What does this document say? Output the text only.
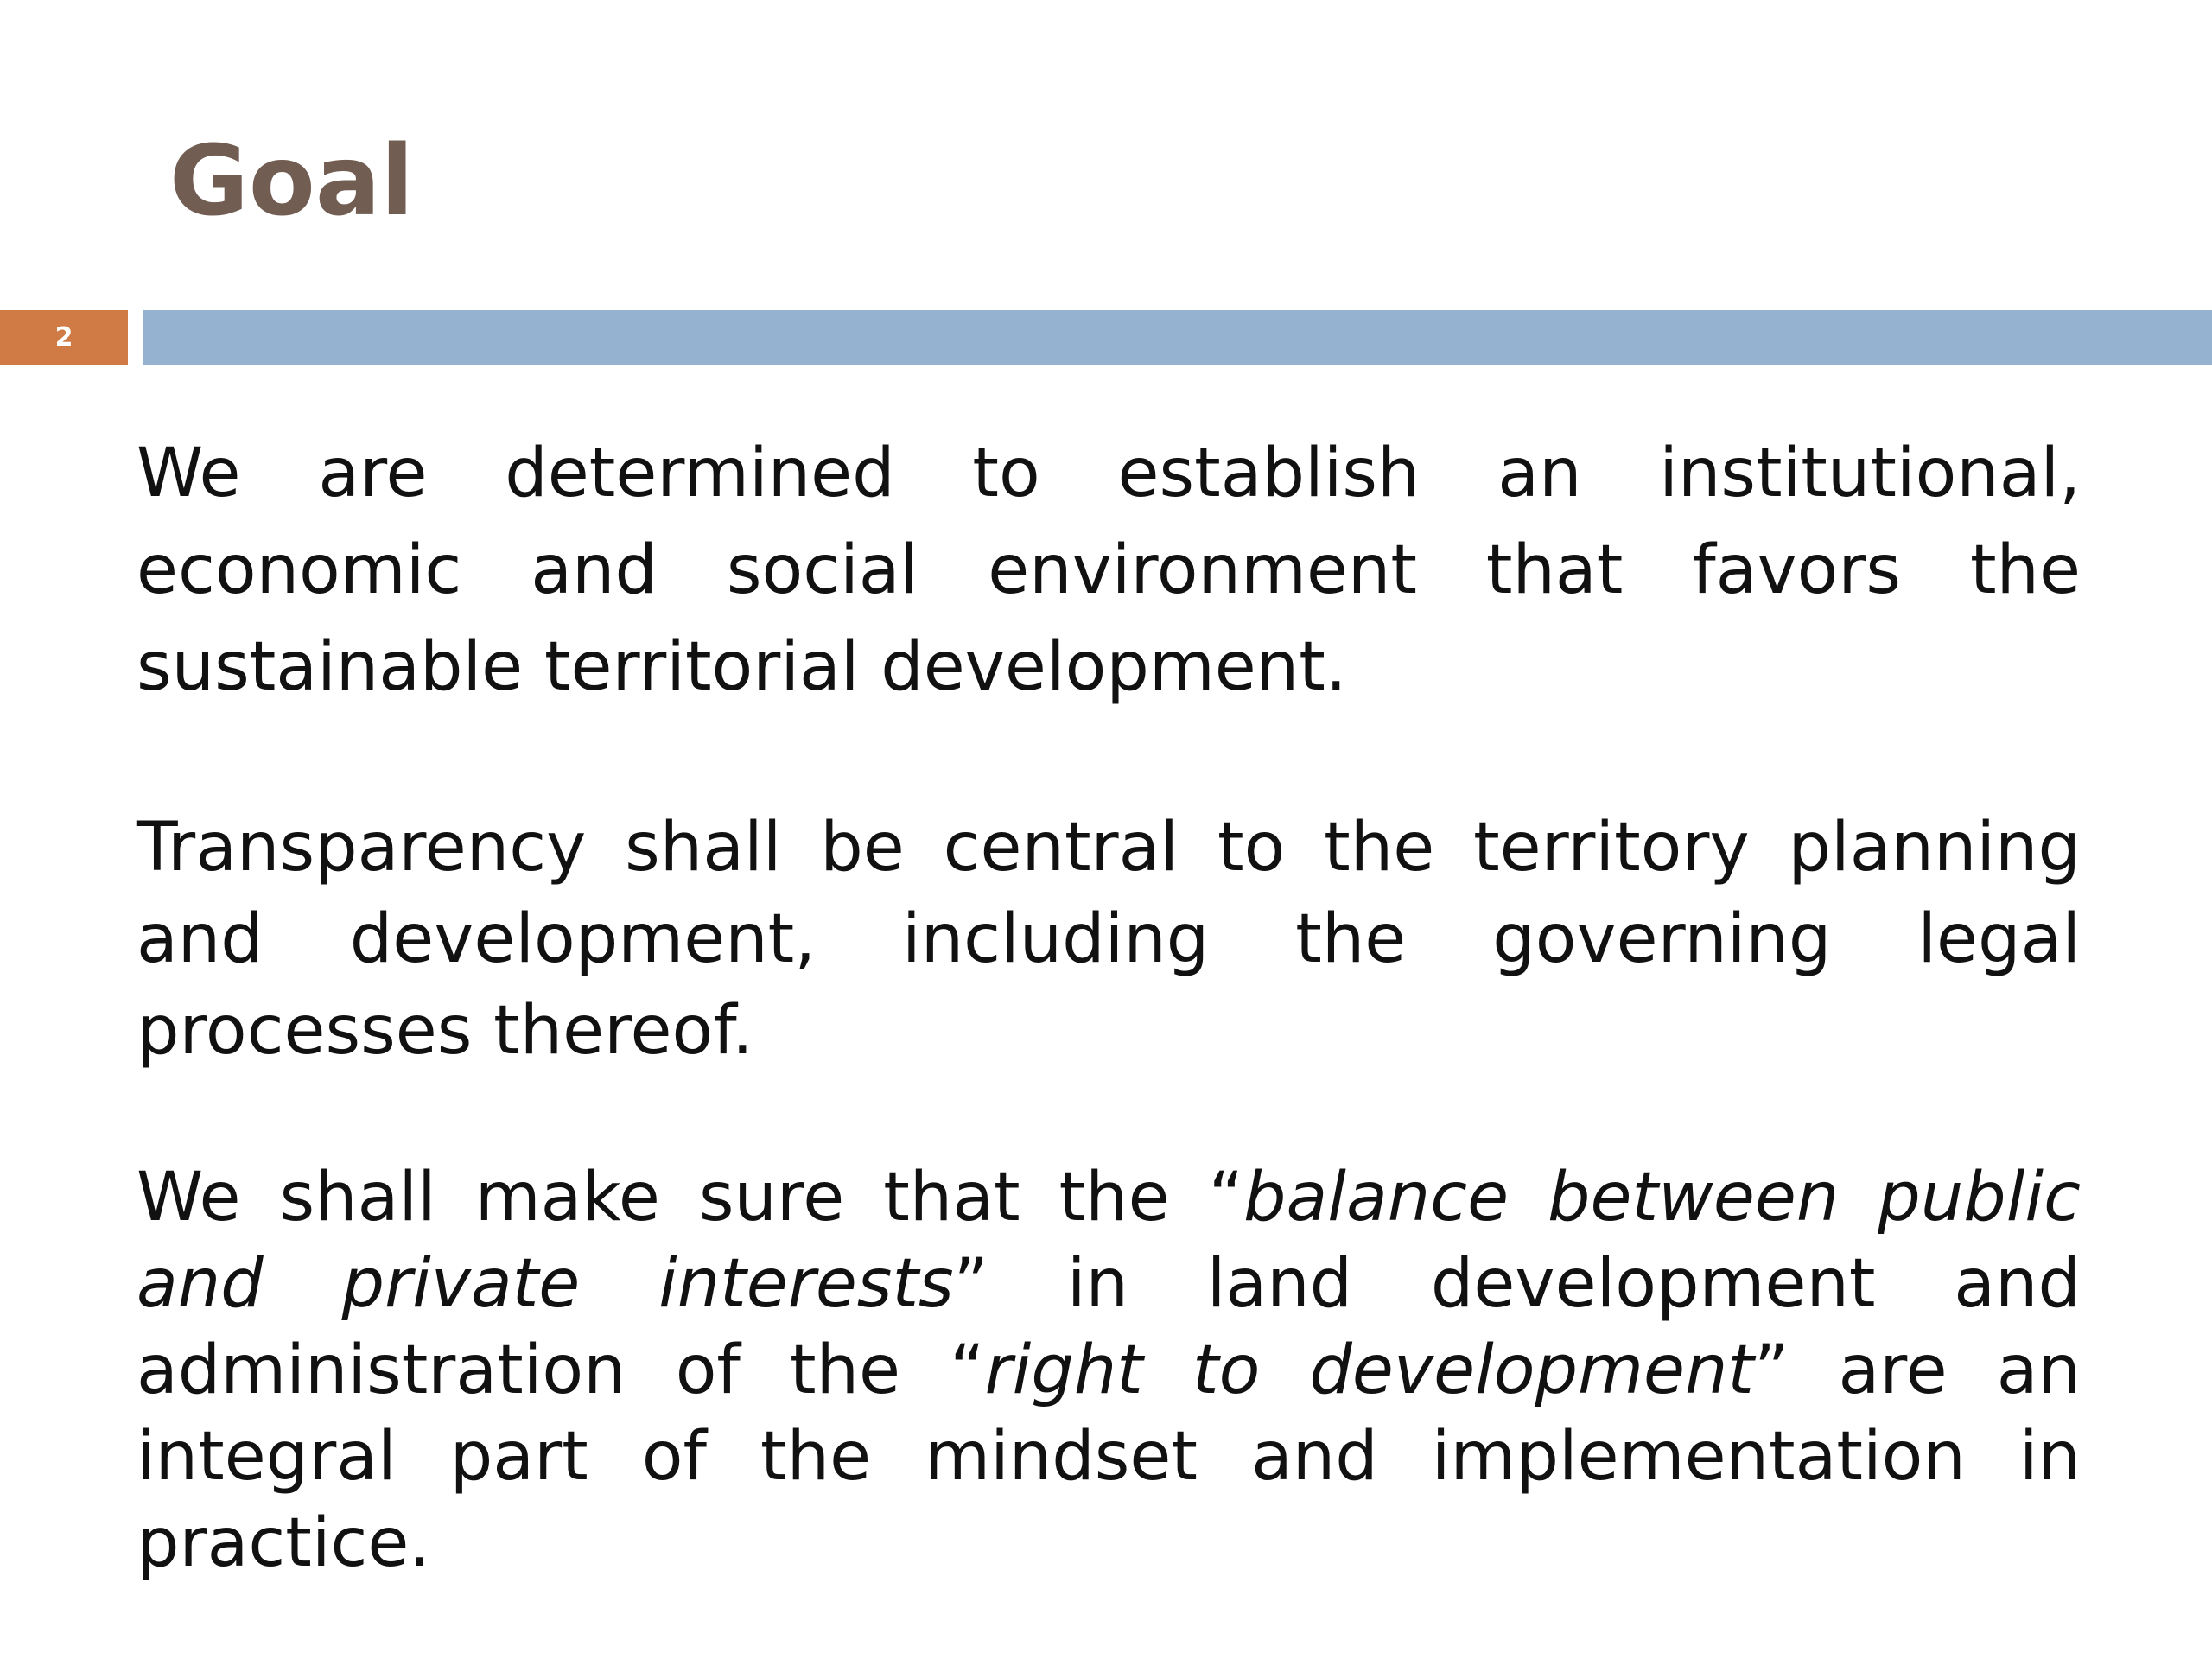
Goal
2

We are determined to establish an institutional, economic and social environment that favors the sustainable territorial development.

Transparency shall be central to the territory planning and development, including the governing legal processes thereof.

We shall make sure that the “balance between public and private interests” in land development and administration of the “right to development” are an integral part of the mindset and implementation in practice.
